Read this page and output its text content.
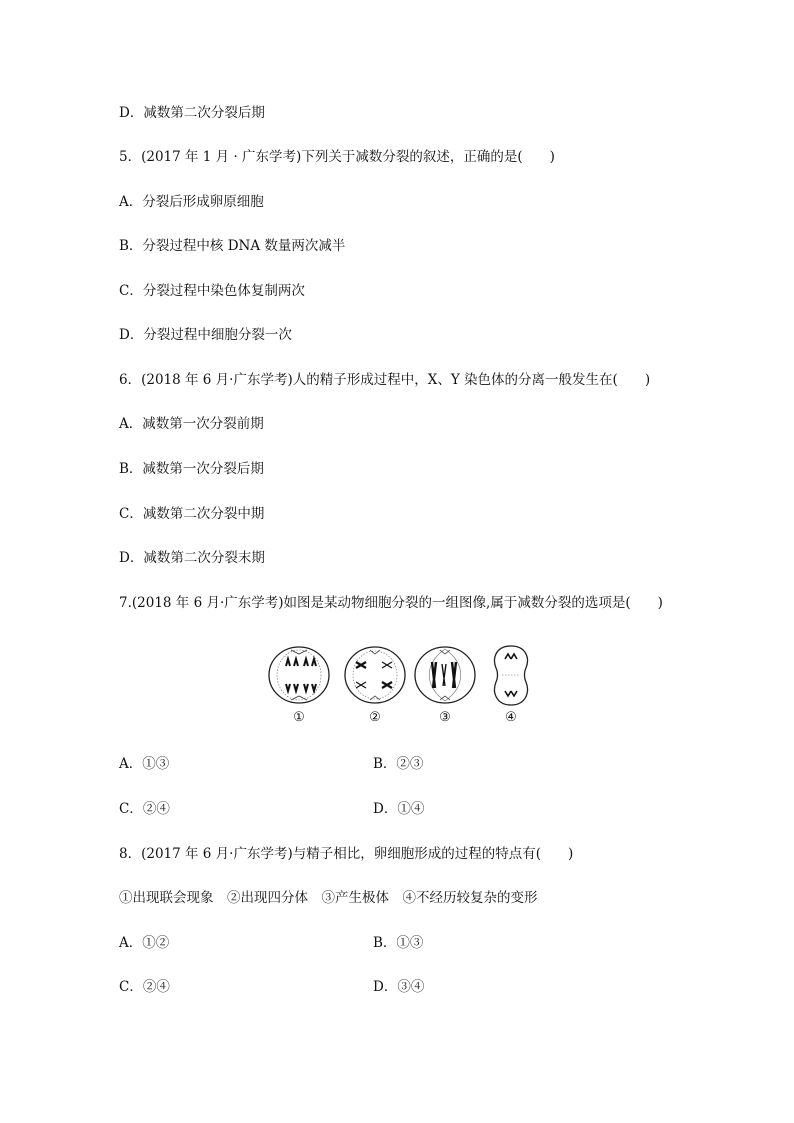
D．减数第二次分裂后期
5．(2017 年 1 月 · 广东学考)下列关于减数分裂的叙述，正确的是(　　)
A．分裂后形成卵原细胞
B．分裂过程中核 DNA 数量两次减半
C．分裂过程中染色体复制两次
D．分裂过程中细胞分裂一次
6．(2018 年 6 月·广东学考)人的精子形成过程中，X、Y 染色体的分离一般发生在(　　)
A．减数第一次分裂前期
B．减数第一次分裂后期
C．减数第二次分裂中期
D．减数第二次分裂末期
7.(2018 年 6 月·广东学考)如图是某动物细胞分裂的一组图像,属于减数分裂的选项是(　　)
①	②	③	④
A．①③	B．②③
C．②④	D．①④
8．(2017 年 6 月·广东学考)与精子相比，卵细胞形成的过程的特点有(　　)
①出现联会现象　②出现四分体　③产生极体　④不经历较复杂的变形
A．①②	B．①③
C．②④	D．③④
